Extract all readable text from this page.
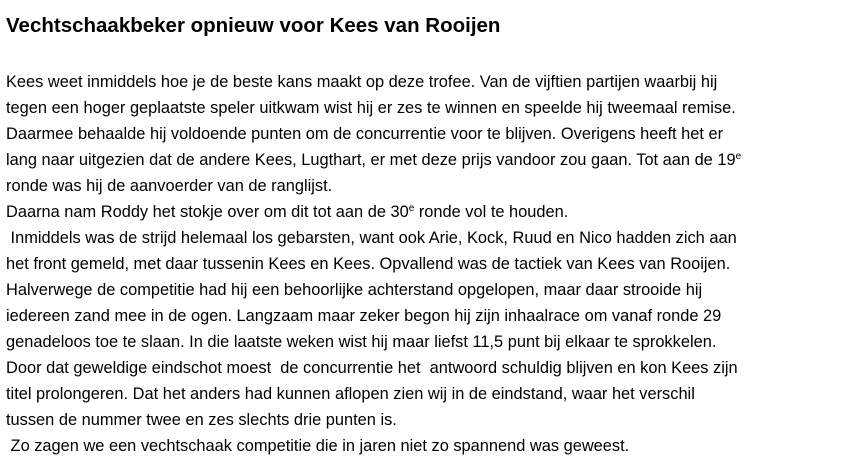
Vechtschaakbeker opnieuw voor Kees van Rooijen
Kees weet inmiddels hoe je de beste kans maakt op deze trofee. Van de vijftien partijen waarbij hij
tegen een hoger geplaatste speler uitkwam wist hij er zes te winnen en speelde hij tweemaal remise.
Daarmee behaalde hij voldoende punten om de concurrentie voor te blijven. Overigens heeft het er
lang naar uitgezien dat de andere Kees, Lugthart, er met deze prijs vandoor zou gaan. Tot aan de 19e
ronde was hij de aanvoerder van de ranglijst.
Daarna nam Roddy het stokje over om dit tot aan de 30e ronde vol te houden.
Inmiddels was de strijd helemaal los gebarsten, want ook Arie, Kock, Ruud en Nico hadden zich aan
het front gemeld, met daar tussenin Kees en Kees. Opvallend was de tactiek van Kees van Rooijen.
Halverwege de competitie had hij een behoorlijke achterstand opgelopen, maar daar strooide hij
iedereen zand mee in de ogen. Langzaam maar zeker begon hij zijn inhaalrace om vanaf ronde 29
genadeloos toe te slaan. In die laatste weken wist hij maar liefst 11,5 punt bij elkaar te sprokkelen.
Door dat geweldige eindschot moest  de concurrentie het  antwoord schuldig blijven en kon Kees zijn
titel prolongeren. Dat het anders had kunnen aflopen zien wij in de eindstand, waar het verschil
tussen de nummer twee en zes slechts drie punten is.
Zo zagen we een vechtschaak competitie die in jaren niet zo spannend was geweest.
